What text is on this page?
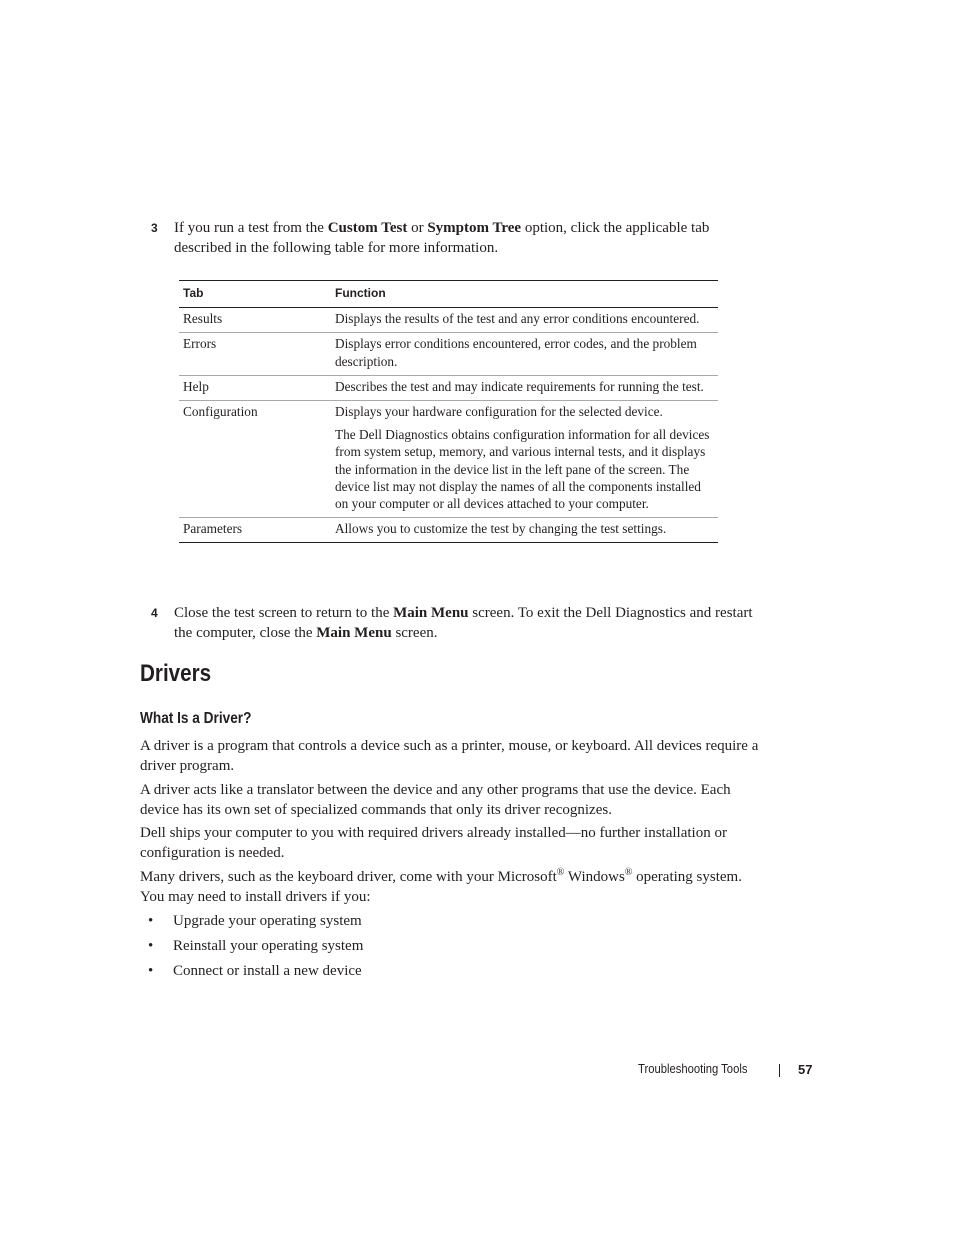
3 If you run a test from the Custom Test or Symptom Tree option, click the applicable tab described in the following table for more information.
Tab	Function
Results	Displays the results of the test and any error conditions encountered.

Errors	Displays error conditions encountered, error codes, and the problem description.

Help	Describes the test and may indicate requirements for running the test.

Configuration	Displays your hardware configuration for the selected device.

The Dell Diagnostics obtains configuration information for all devices from system setup, memory, and various internal tests, and it displays the information in the device list in the left pane of the screen. The device list may not display the names of all the components installed on your computer or all devices attached to your computer.

Parameters	Allows you to customize the test by changing the test settings.

4 Close the test screen to return to the Main Menu screen. To exit the Dell Diagnostics and restart the computer, close the Main Menu screen.
Drivers
What Is a Driver?

A driver is a program that controls a device such as a printer, mouse, or keyboard. All devices require a driver program.

A driver acts like a translator between the device and any other programs that use the device. Each device has its own set of specialized commands that only its driver recognizes.

Dell ships your computer to you with required drivers already installed—no further installation or configuration is needed.

Many drivers, such as the keyboard driver, come with your Microsoft® Windows® operating system. You may need to install drivers if you:

• Upgrade your operating system
• Reinstall your operating system
• Connect or install a new device
Troubleshooting Tools	57
